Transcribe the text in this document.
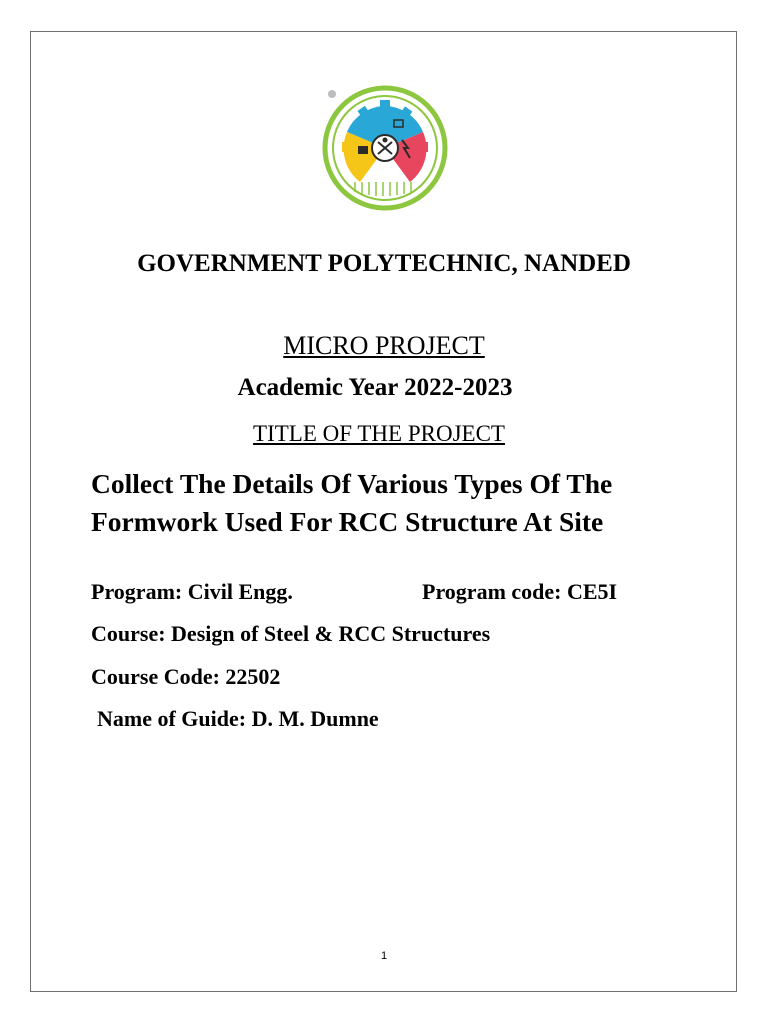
GOVERNMENT POLYTECHNIC, NANDED
MICRO PROJECT
Academic Year 2022-2023
TITLE OF THE PROJECT
Collect The Details Of Various Types Of The Formwork Used For RCC Structure At Site
Program: Civil Engg.	Program code: CE5I
Course: Design of Steel & RCC Structures
Course Code: 22502
Name of Guide: D. M. Dumne
1
